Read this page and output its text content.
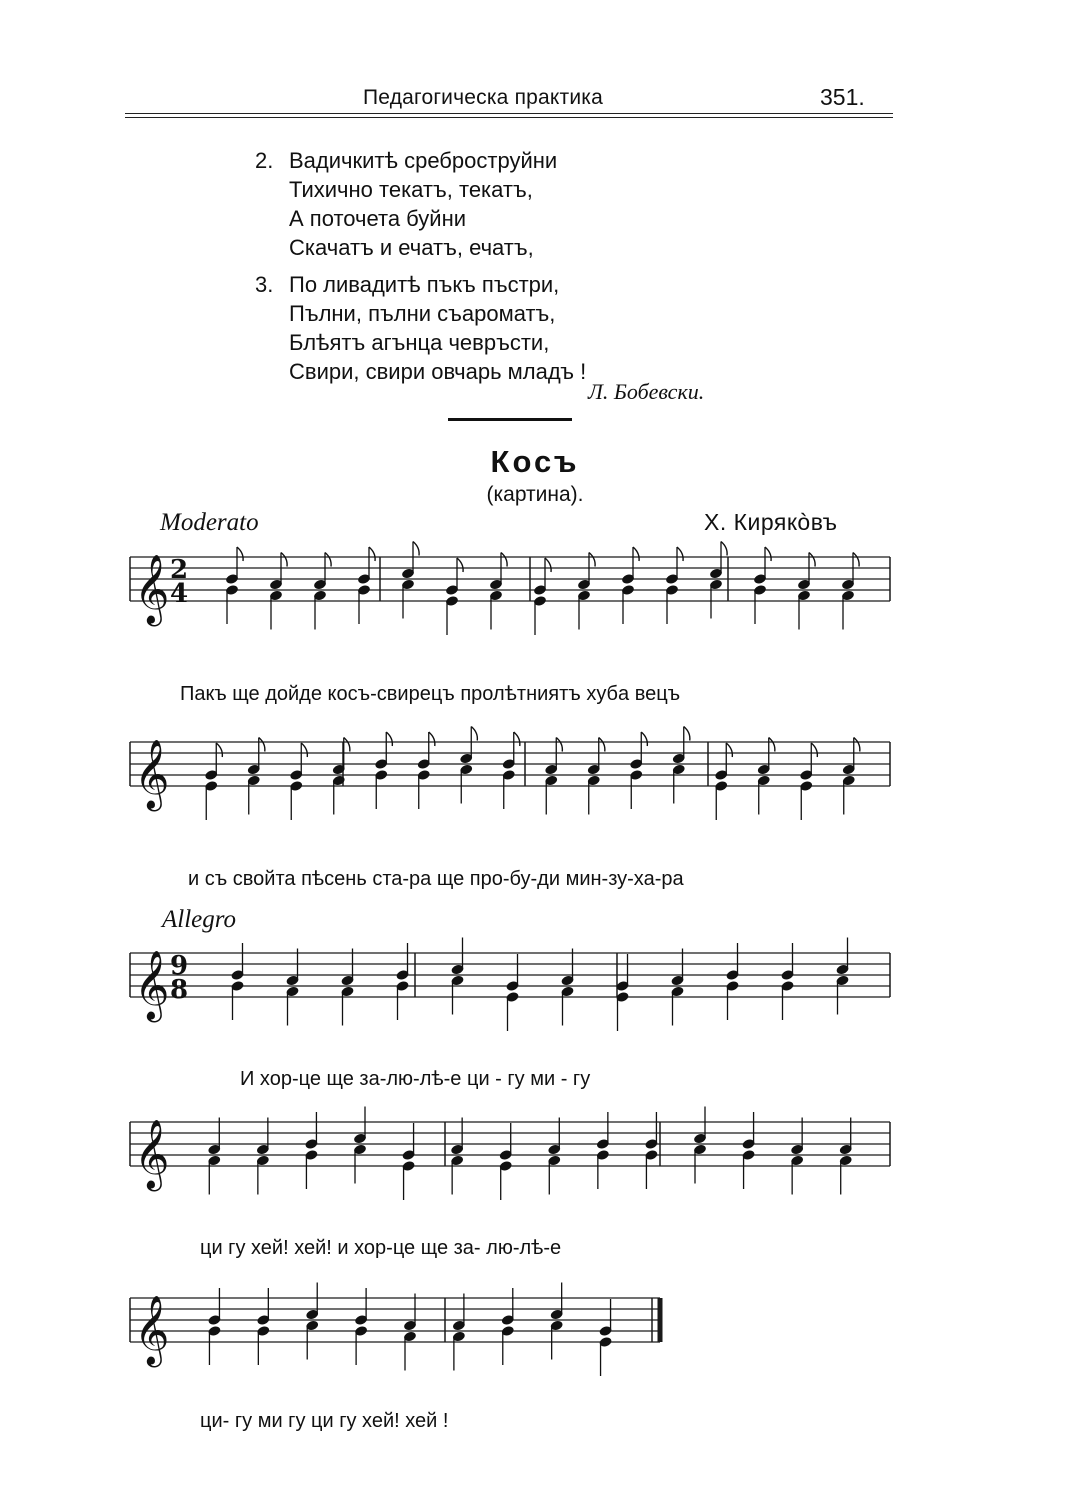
Педагогическа практика	351.
2. Вадичкитѣ среброструйни
Тихично текатъ, текатъ,
А поточета буйни
Скачатъ и ечатъ, ечатъ,
3. По ливадитѣ пъкъ пъстри,
Пълни, пълни съароматъ,
Блѣятъ агънца чевръсти,
Свири, свири овчарь младъ !
Л. Бобевски.
Косъ
(картина).
Moderato	Х. Кирякòвъ
Allegro
𝄞 2
4
𝄞
𝄞 9
8
𝄞
𝄞
Пакъ ще дойде косъ-свирецъ пролѣтниятъ хубa вецъ
и съ свойта пѣсень ста-ра ще про-бу-ди мин-зу-ха-ра
И хор-це ще за-лю-лѣ-е ци - гу ми - гу
ци гу хей! хей! и хор-це ще за- лю-лѣ-е
ци- гу ми гу ци гу хей! хей !
